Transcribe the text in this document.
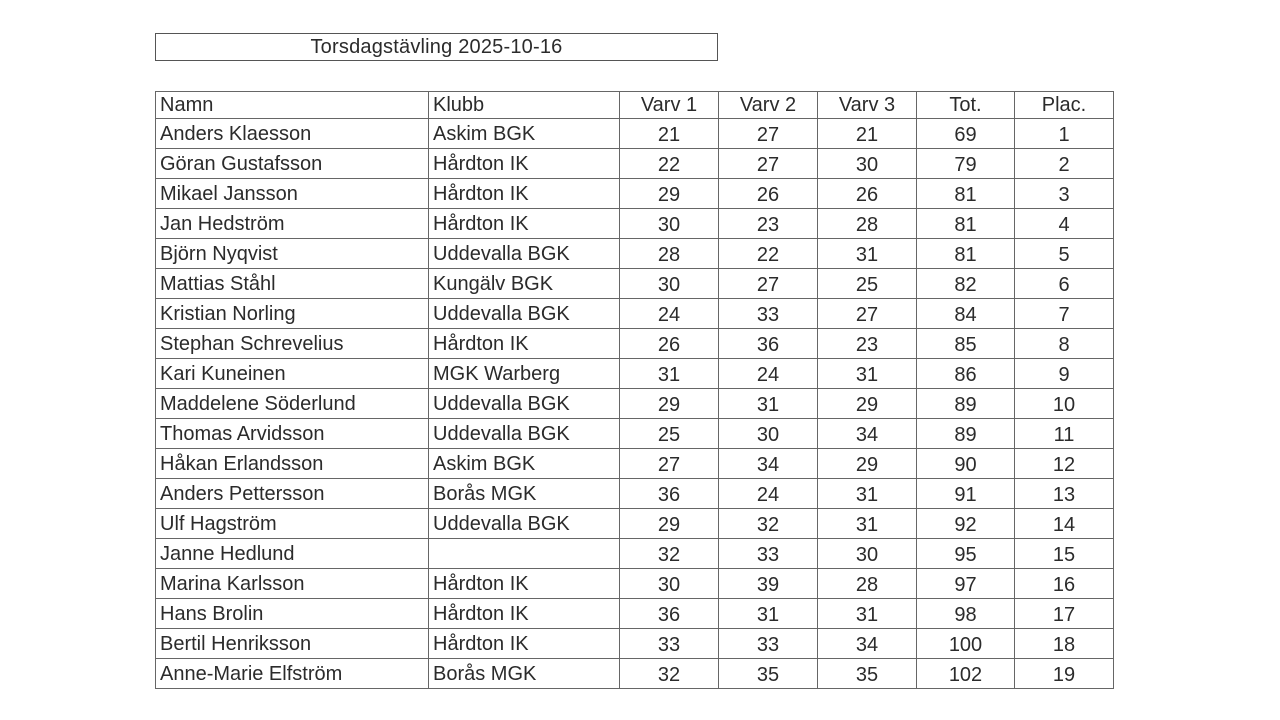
Torsdagstävling 2025-10-16
Namn	Klubb	Varv 1	Varv 2	Varv 3	Tot.	Plac.
Anders Klaesson	Askim BGK	21	27	21	69	1
Göran Gustafsson	Hårdton IK	22	27	30	79	2
Mikael Jansson	Hårdton IK	29	26	26	81	3
Jan Hedström	Hårdton IK	30	23	28	81	4
Björn Nyqvist	Uddevalla BGK	28	22	31	81	5
Mattias Ståhl	Kungälv BGK	30	27	25	82	6
Kristian Norling	Uddevalla BGK	24	33	27	84	7
Stephan Schrevelius	Hårdton IK	26	36	23	85	8
Kari Kuneinen	MGK Warberg	31	24	31	86	9
Maddelene Söderlund	Uddevalla BGK	29	31	29	89	10
Thomas Arvidsson	Uddevalla BGK	25	30	34	89	11
Håkan Erlandsson	Askim BGK	27	34	29	90	12
Anders Pettersson	Borås MGK	36	24	31	91	13
Ulf Hagström	Uddevalla BGK	29	32	31	92	14
Janne Hedlund		32	33	30	95	15
Marina Karlsson	Hårdton IK	30	39	28	97	16
Hans Brolin	Hårdton IK	36	31	31	98	17
Bertil Henriksson	Hårdton IK	33	33	34	100	18
Anne-Marie Elfström	Borås MGK	32	35	35	102	19
